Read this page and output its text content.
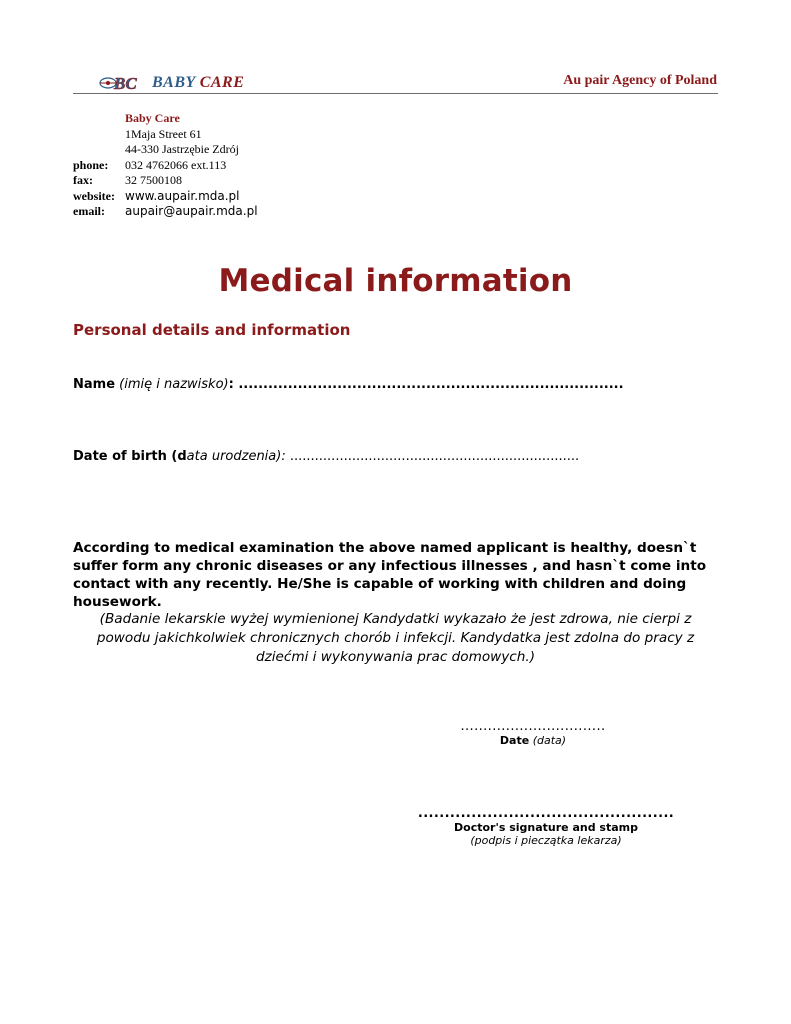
BC BABY CARE	Au pair Agency of Poland
Baby Care
1Maja Street 61
44-330 Jastrzębie Zdrój
phone:	032 4762066 ext.113
fax:	32 7500108
website: www.aupair.mda.pl
email:	aupair@aupair.mda.pl
Medical information
Personal details and information
Name (imię i nazwisko): ..............................................................................
Date of birth (data urodzenia): ......................................................................
According to medical examination the above named applicant is healthy, doesn`t suffer form any chronic diseases or any infectious illnesses , and hasn`t come into contact with any recently. He/She is capable of working with children and doing housework.
(Badanie lekarskie wyżej wymienionej Kandydatki wykazało że jest zdrowa, nie cierpi z powodu jakichkolwiek chronicznych chorób i infekcji. Kandydatka jest zdolna do pracy z dziećmi i wykonywania prac domowych.)
................................
Date (data)
................................................
Doctor's signature and stamp
(podpis i pieczątka lekarza)
